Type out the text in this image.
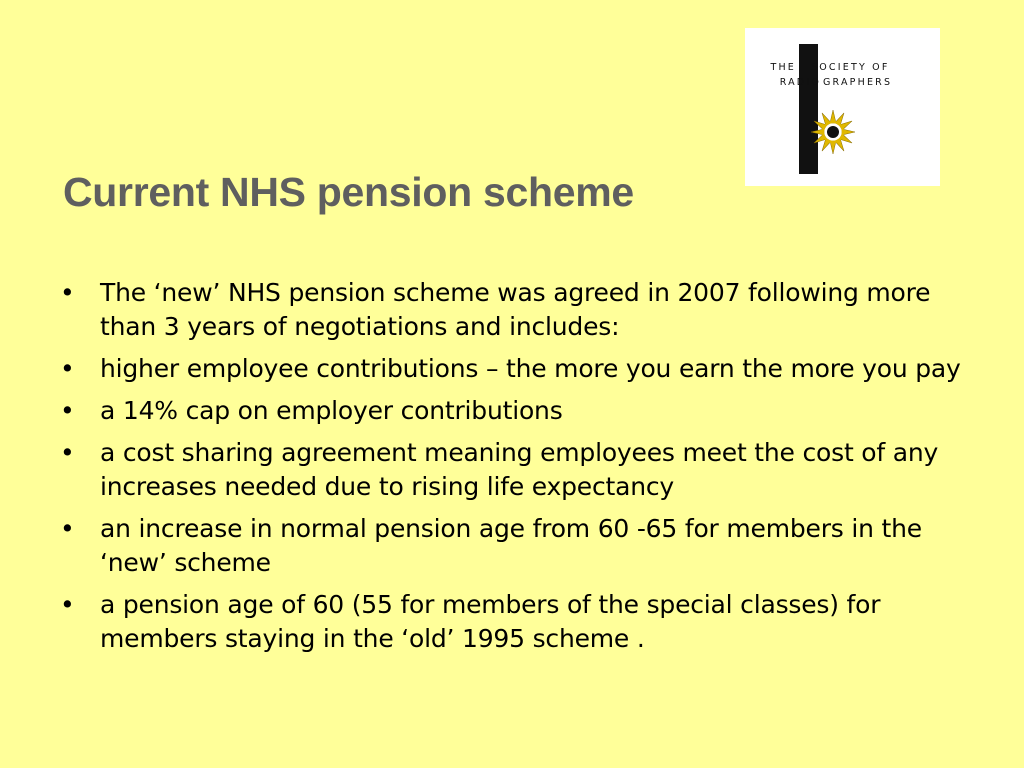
THE SOCIETY OF
RADIO GRAPHERS
Current NHS pension scheme
• The ‘new’ NHS pension scheme was agreed in 2007 following more than 3 years of negotiations and includes:
• higher employee contributions – the more you earn the more you pay
• a 14% cap on employer contributions
• a cost sharing agreement meaning employees meet the cost of any increases needed due to rising life expectancy
• an increase in normal pension age from 60 -65 for members in the ‘new’ scheme
• a pension age of 60 (55 for members of the special classes) for members staying in the ‘old’ 1995 scheme .
